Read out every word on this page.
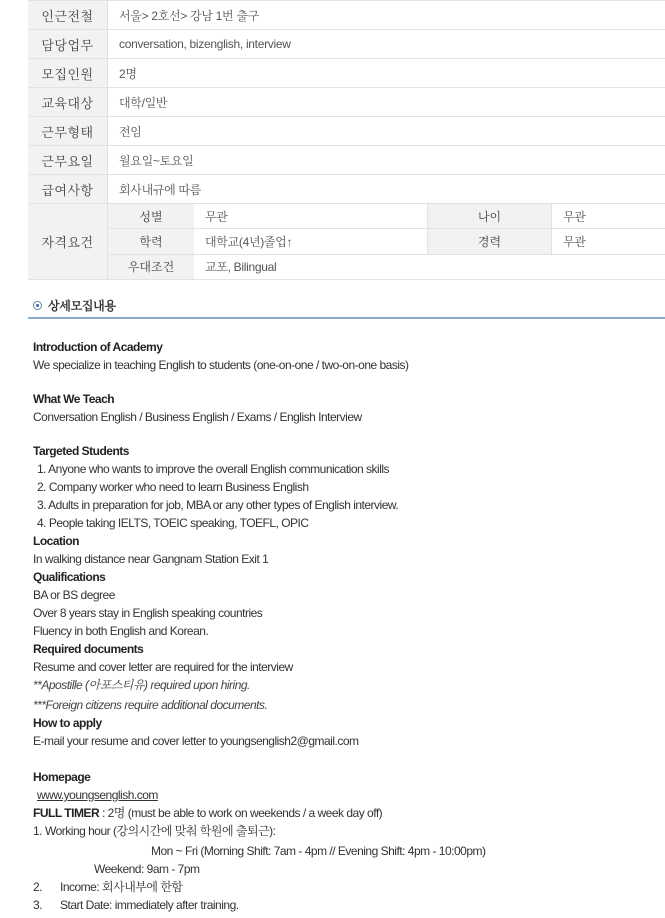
인근전철	서울> 2호선> 강남 1번 출구
담당업무	conversation, bizenglish, interview
모집인원	2명
교육대상	대학/일반
근무형태	전임
근무요일	월요일~토요일
급여사항	회사내규에 따름
자격요건
성별	무관	나이	무관
학력	대학교(4년)졸업↑	경력	무관
우대조건	교포, Bilingual
상세모집내용
Introduction of Academy
We specialize in teaching English to students (one-on-one / two-on-one basis)
What We Teach
Conversation English / Business English / Exams / English Interview
Targeted Students
1. Anyone who wants to improve the overall English communication skills
2. Company worker who need to learn Business English
3. Adults in preparation for job, MBA or any other types of English interview.
4. People taking IELTS, TOEIC speaking, TOEFL, OPIC
Location
In walking distance near Gangnam Station Exit 1
Qualifications
BA or BS degree
Over 8 years stay in English speaking countries
Fluency in both English and Korean.
Required documents
Resume and cover letter are required for the interview
**Apostille (아포스티유) required upon hiring.
***Foreign citizens require additional documents.
How to apply
E-mail your resume and cover letter to youngsenglish2@gmail.com
Homepage
www.youngsenglish.com
FULL TIMER : 2명 (must be able to work on weekends / a week day off)
1. Working hour (강의시간에 맞춰 학원에 출퇴근):
Mon ~ Fri (Morning Shift: 7am - 4pm // Evening Shift: 4pm - 10:00pm)
Weekend: 9am - 7pm
2. Income: 회사내부에 한함
3. Start Date: immediately after training.
